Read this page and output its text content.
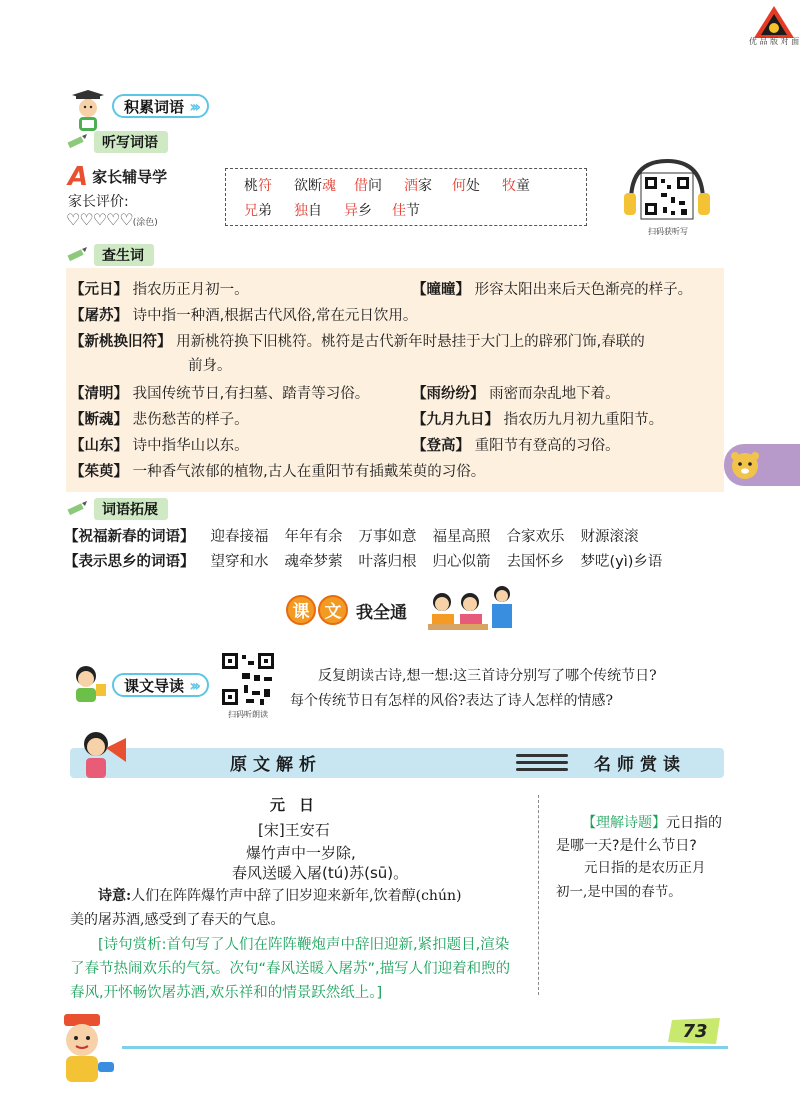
优 品 版 对 面
积累词语 ›››
听写词语
A 家长辅导学
家长评价:
♡♡♡♡♡(涂色)
桃符 欲断魂 借问 酒家 何处 牧童
兄弟 独自 异乡 佳节
扫码获听写
查生词
【元日】 指农历正月初一。	【曈曈】 形容太阳出来后天色渐亮的样子。
【屠苏】 诗中指一种酒,根据古代风俗,常在元日饮用。
【新桃换旧符】 用新桃符换下旧桃符。桃符是古代新年时悬挂于大门上的辟邪门饰,春联的
前身。
【清明】 我国传统节日,有扫墓、踏青等习俗。	【雨纷纷】 雨密而杂乱地下着。
【断魂】 悲伤愁苦的样子。	【九月九日】 指农历九月初九重阳节。
【山东】 诗中指华山以东。	【登高】 重阳节有登高的习俗。
【茱萸】 一种香气浓郁的植物,古人在重阳节有插戴茱萸的习俗。
词语拓展
【祝福新春的词语】 迎春接福 年年有余 万事如意 福星高照 合家欢乐 财源滚滚
【表示思乡的词语】 望穿和水 魂牵梦萦 叶落归根 归心似箭 去国怀乡 梦呓(yì)乡语
课 文 我全通
课文导读 ›››
扫码听朗读
反复朗读古诗,想一想:这三首诗分别写了哪个传统节日?
每个传统节日有怎样的风俗?表达了诗人怎样的情感?
原文解析	名师赏读
元日
[宋]王安石
爆竹声中一岁除,
春风送暖入屠(tú)苏(sū)。
诗意:人们在阵阵爆竹声中辞了旧岁迎来新年,饮着醇(chún)
美的屠苏酒,感受到了春天的气息。
[诗句赏析:首句写了人们在阵阵鞭炮声中辞旧迎新,紧扣题目,渲染了春节热闹欢乐的气氛。次句“春风送暖入屠苏”,描写人们迎着和煦的春风,开怀畅饮屠苏酒,欢乐祥和的情景跃然纸上。]
【理解诗题】元日指的
是哪一天?是什么节日?
元日指的是农历正月
初一,是中国的春节。
73
